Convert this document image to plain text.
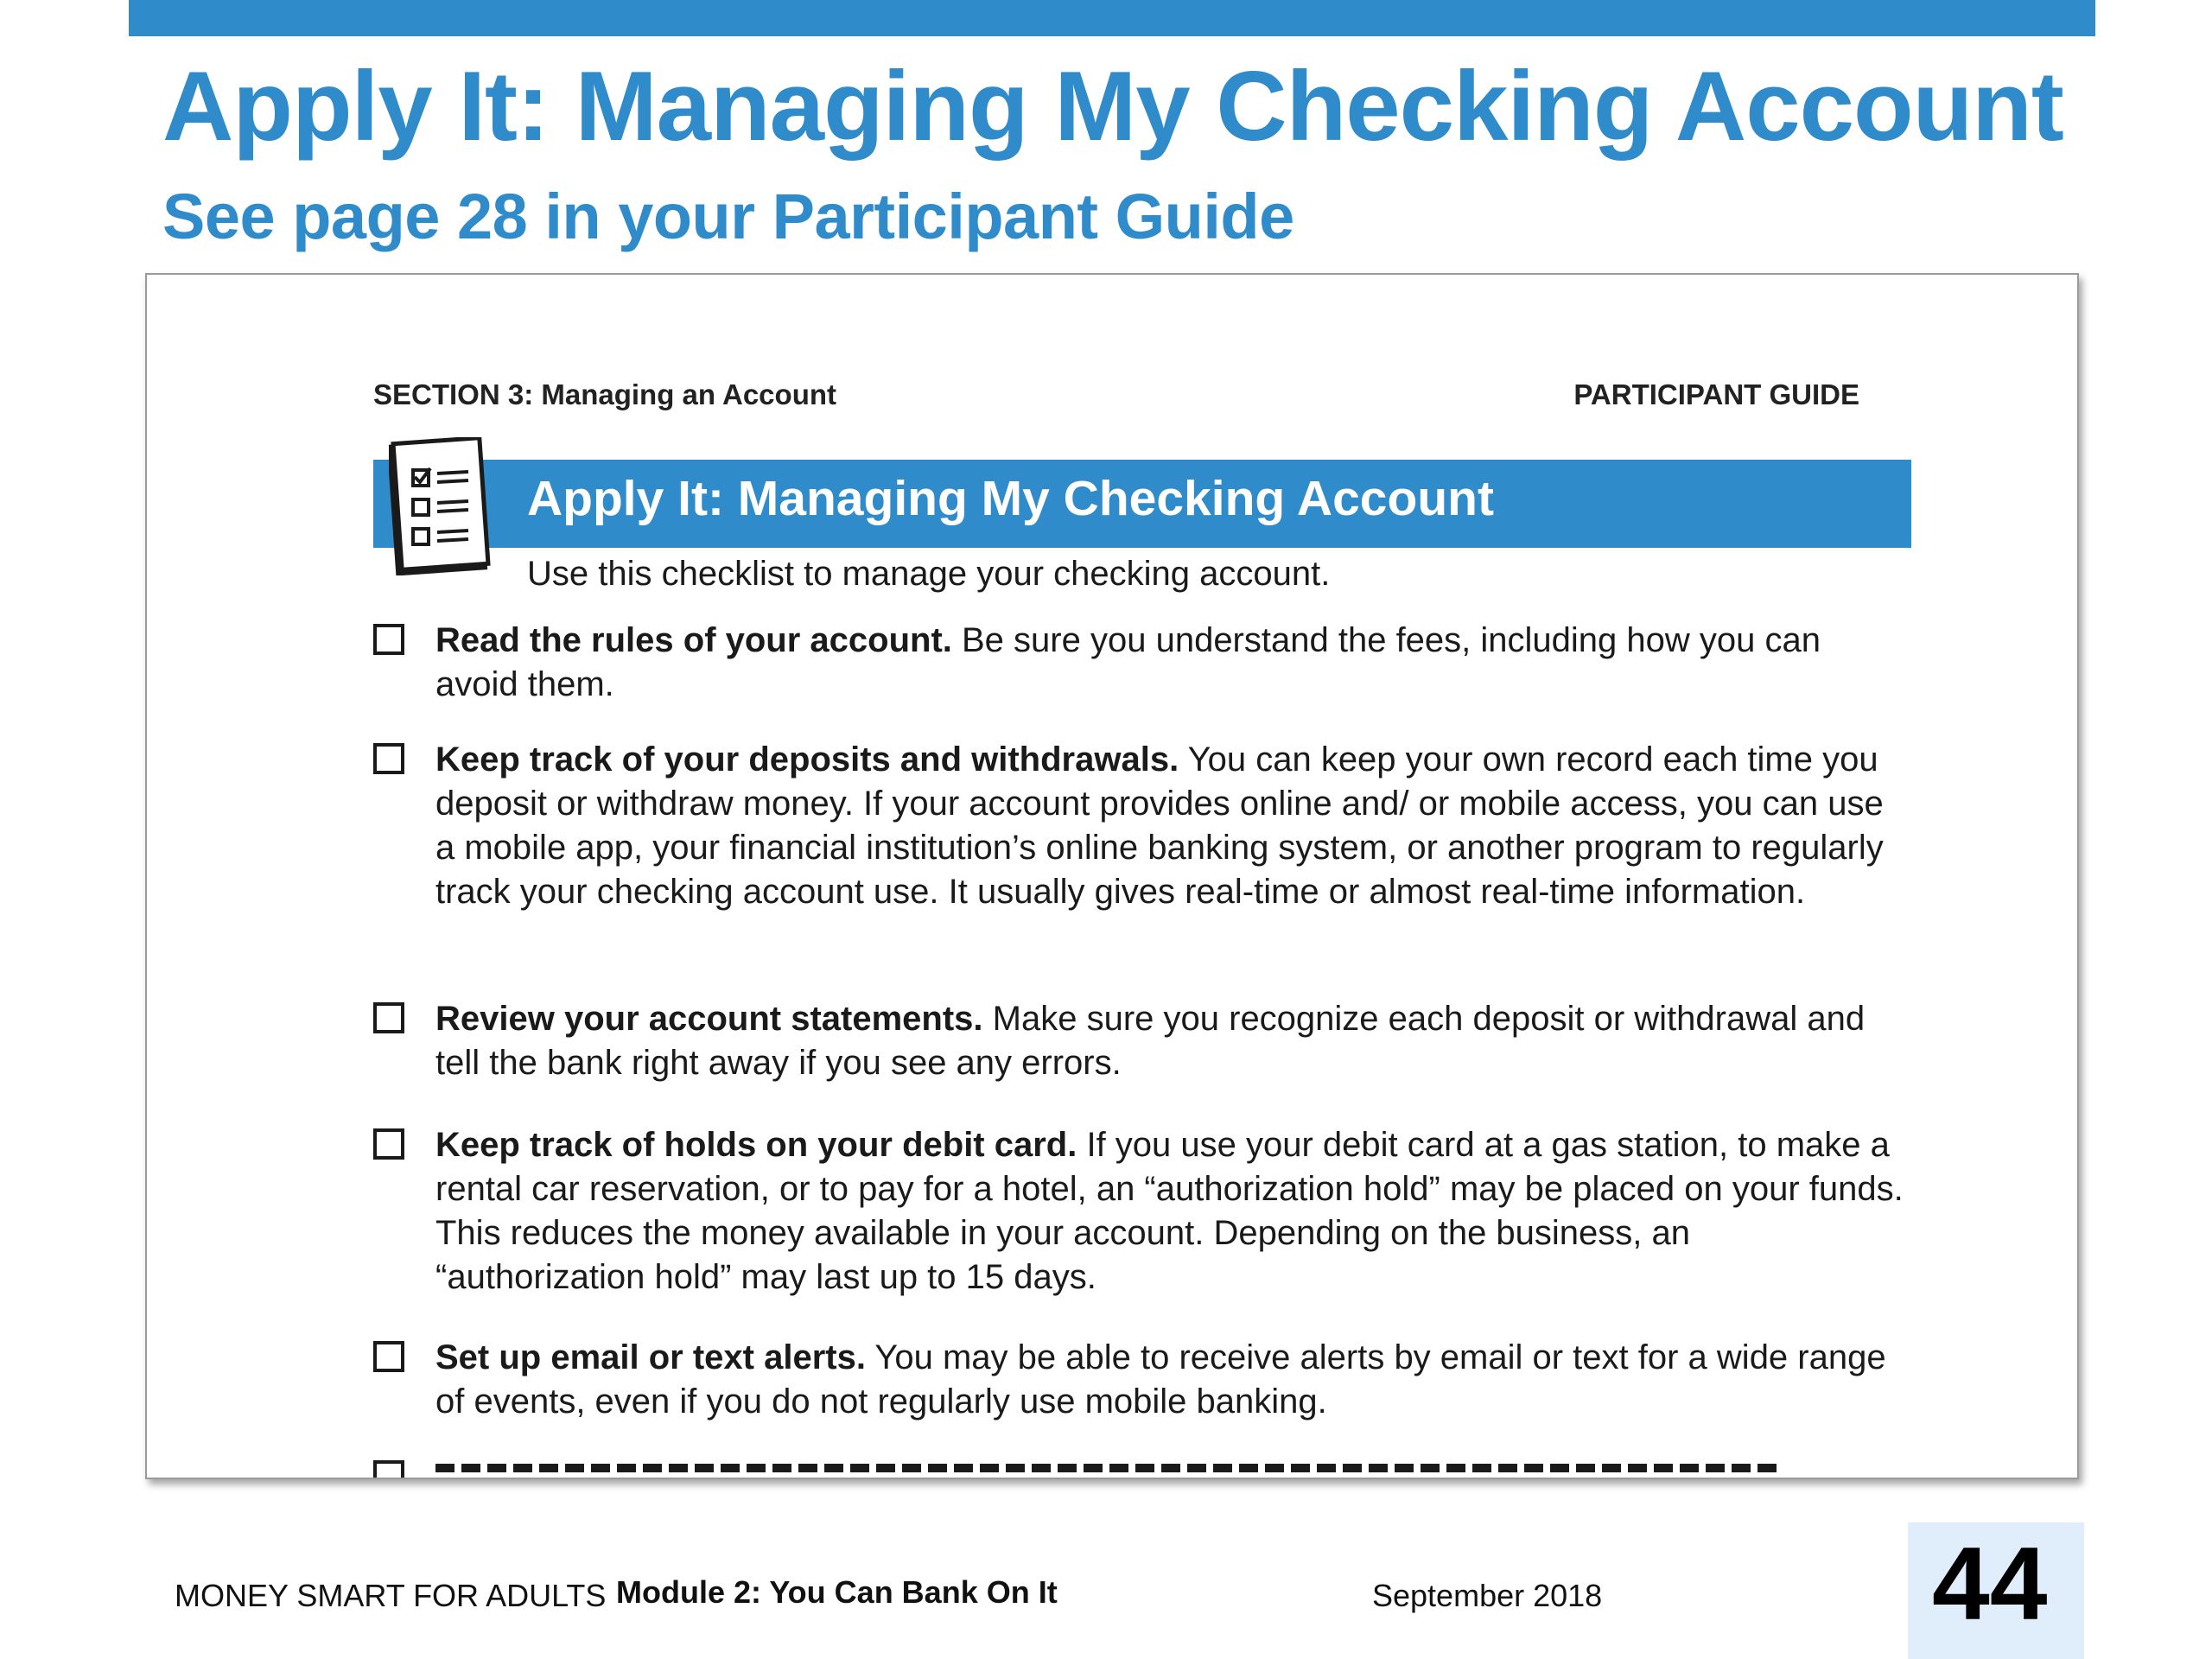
Apply It: Managing My Checking Account
See page 28 in your Participant Guide
SECTION 3: Managing an Account	PARTICIPANT GUIDE
Apply It: Managing My Checking Account
Use this checklist to manage your checking account.
Read the rules of your account. Be sure you understand the fees, including how you can avoid them.
Keep track of your deposits and withdrawals. You can keep your own record each time you deposit or withdraw money. If your account provides online and/ or mobile access, you can use a mobile app, your financial institution’s online banking system, or another program to regularly track your checking account use. It usually gives real-time or almost real-time information.
Review your account statements. Make sure you recognize each deposit or withdrawal and tell the bank right away if you see any errors.
Keep track of holds on your debit card. If you use your debit card at a gas station, to make a rental car reservation, or to pay for a hotel, an “authorization hold” may be placed on your funds. This reduces the money available in your account. Depending on the business, an “authorization hold” may last up to 15 days.
Set up email or text alerts. You may be able to receive alerts by email or text for a wide range of events, even if you do not regularly use mobile banking.
MONEY SMART FOR ADULTS Module 2: You Can Bank On It	September 2018	44
